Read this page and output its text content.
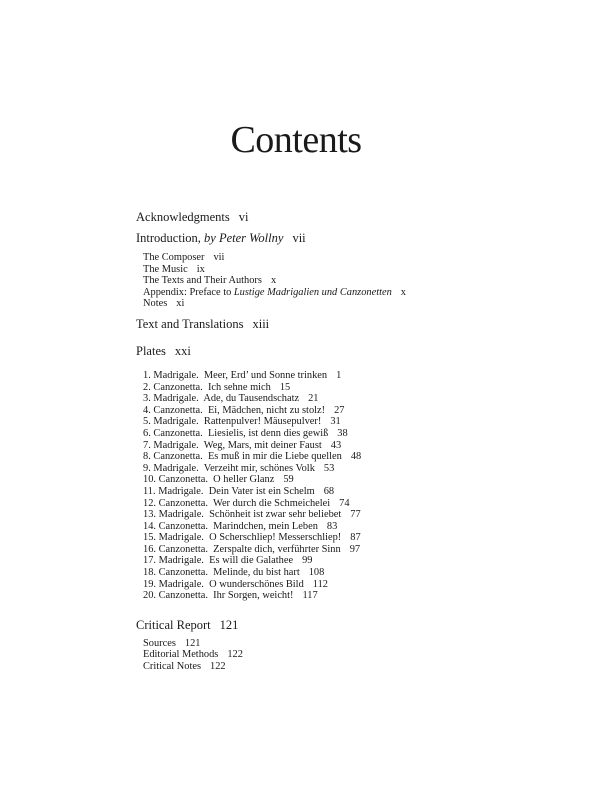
Contents
Acknowledgments vi
Introduction, by Peter Wollny vii
The Composer vii
The Music ix
The Texts and Their Authors x
Appendix: Preface to Lustige Madrigalien und Canzonetten x
Notes xi
Text and Translations xiii
Plates xxi
1. Madrigale. Meer, Erd’ und Sonne trinken 1
2. Canzonetta. Ich sehne mich 15
3. Madrigale. Ade, du Tausendschatz 21
4. Canzonetta. Ei, Mädchen, nicht zu stolz! 27
5. Madrigale. Rattenpulver! Mäusepulver! 31
6. Canzonetta. Liesielis, ist denn dies gewiß 38
7. Madrigale. Weg, Mars, mit deiner Faust 43
8. Canzonetta. Es muß in mir die Liebe quellen 48
9. Madrigale. Verzeiht mir, schönes Volk 53
10. Canzonetta. O heller Glanz 59
11. Madrigale. Dein Vater ist ein Schelm 68
12. Canzonetta. Wer durch die Schmeichelei 74
13. Madrigale. Schönheit ist zwar sehr beliebet 77
14. Canzonetta. Marindchen, mein Leben 83
15. Madrigale. O Scherschliep! Messerschliep! 87
16. Canzonetta. Zerspalte dich, verführter Sinn 97
17. Madrigale. Es will die Galathee 99
18. Canzonetta. Melinde, du bist hart 108
19. Madrigale. O wunderschönes Bild 112
20. Canzonetta. Ihr Sorgen, weicht! 117
Critical Report 121
Sources 121
Editorial Methods 122
Critical Notes 122
